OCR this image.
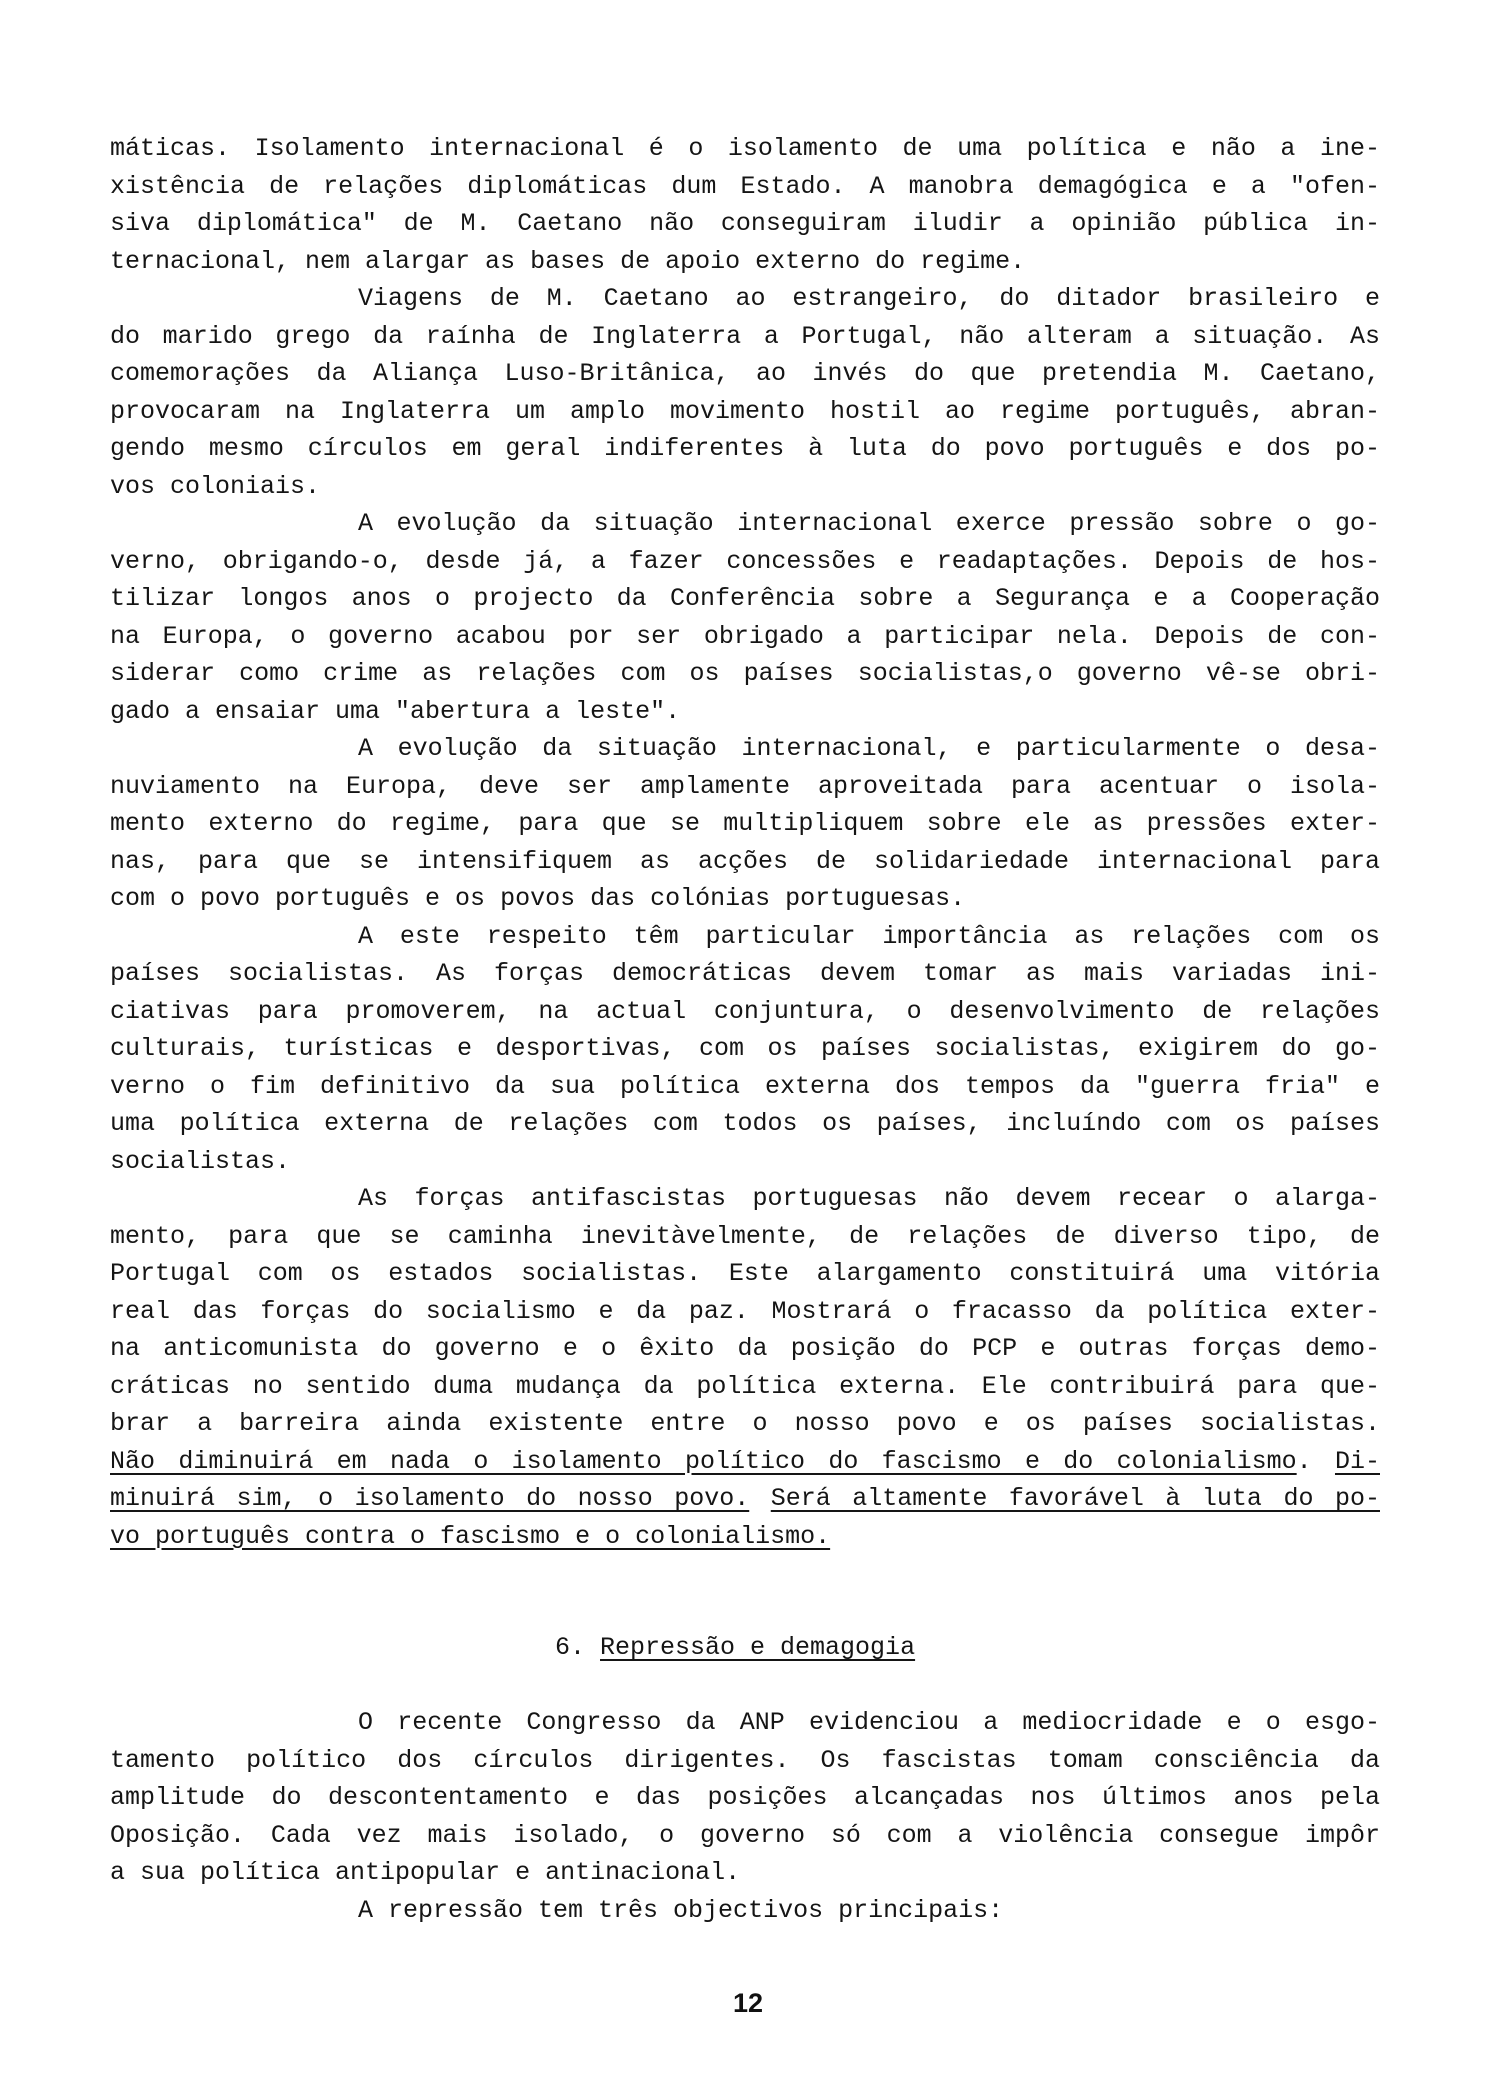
máticas. Isolamento internacional é o isolamento de uma política e não a ine-
xistência de relações diplomáticas dum Estado. A manobra demagógica e a "ofen-
siva diplomática" de M. Caetano não conseguiram iludir a opinião pública in-
ternacional, nem alargar as bases de apoio externo do regime.
Viagens de M. Caetano ao estrangeiro, do ditador brasileiro e
do marido grego da raínha de Inglaterra a Portugal, não alteram a situação. As
comemorações da Aliança Luso-Britânica, ao invés do que pretendia M. Caetano,
provocaram na Inglaterra um amplo movimento hostil ao regime português, abran-
gendo mesmo círculos em geral indiferentes à luta do povo português e dos po-
vos coloniais.
A evolução da situação internacional exerce pressão sobre o go-
verno, obrigando-o, desde já, a fazer concessões e readaptações. Depois de hos-
tilizar longos anos o projecto da Conferência sobre a Segurança e a Cooperação
na Europa, o governo acabou por ser obrigado a participar nela. Depois de con-
siderar como crime as relações com os países socialistas,o governo vê-se obri-
gado a ensaiar uma "abertura a leste".
A evolução da situação internacional, e particularmente o desa-
nuviamento na Europa, deve ser amplamente aproveitada para acentuar o isola-
mento externo do regime, para que se multipliquem sobre ele as pressões exter-
nas, para que se intensifiquem as acções de solidariedade internacional para
com o povo português e os povos das colónias portuguesas.
A este respeito têm particular importância as relações com os
países socialistas. As forças democráticas devem tomar as mais variadas ini-
ciativas para promoverem, na actual conjuntura, o desenvolvimento de relações
culturais, turísticas e desportivas, com os países socialistas, exigirem do go-
verno o fim definitivo da sua política externa dos tempos da "guerra fria" e
uma política externa de relações com todos os países, incluíndo com os países
socialistas.
As forças antifascistas portuguesas não devem recear o alarga-
mento, para que se caminha inevitàvelmente, de relações de diverso tipo, de
Portugal com os estados socialistas. Este alargamento constituirá uma vitória
real das forças do socialismo e da paz. Mostrará o fracasso da política exter-
na anticomunista do governo e o êxito da posição do PCP e outras forças demo-
cráticas no sentido duma mudança da política externa. Ele contribuirá para que-
brar a barreira ainda existente entre o nosso povo e os países socialistas.
Não diminuirá em nada o isolamento político do fascismo e do colonialismo. Di-
minuirá sim, o isolamento do nosso povo. Será altamente favorável à luta do po-
vo português contra o fascismo e o colonialismo.
6. Repressão e demagogia
O recente Congresso da ANP evidenciou a mediocridade e o esgo-
tamento político dos círculos dirigentes. Os fascistas tomam consciência da
amplitude do descontentamento e das posições alcançadas nos últimos anos pela
Oposição. Cada vez mais isolado, o governo só com a violência consegue impôr
a sua política antipopular e antinacional.
A repressão tem três objectivos principais:
12
